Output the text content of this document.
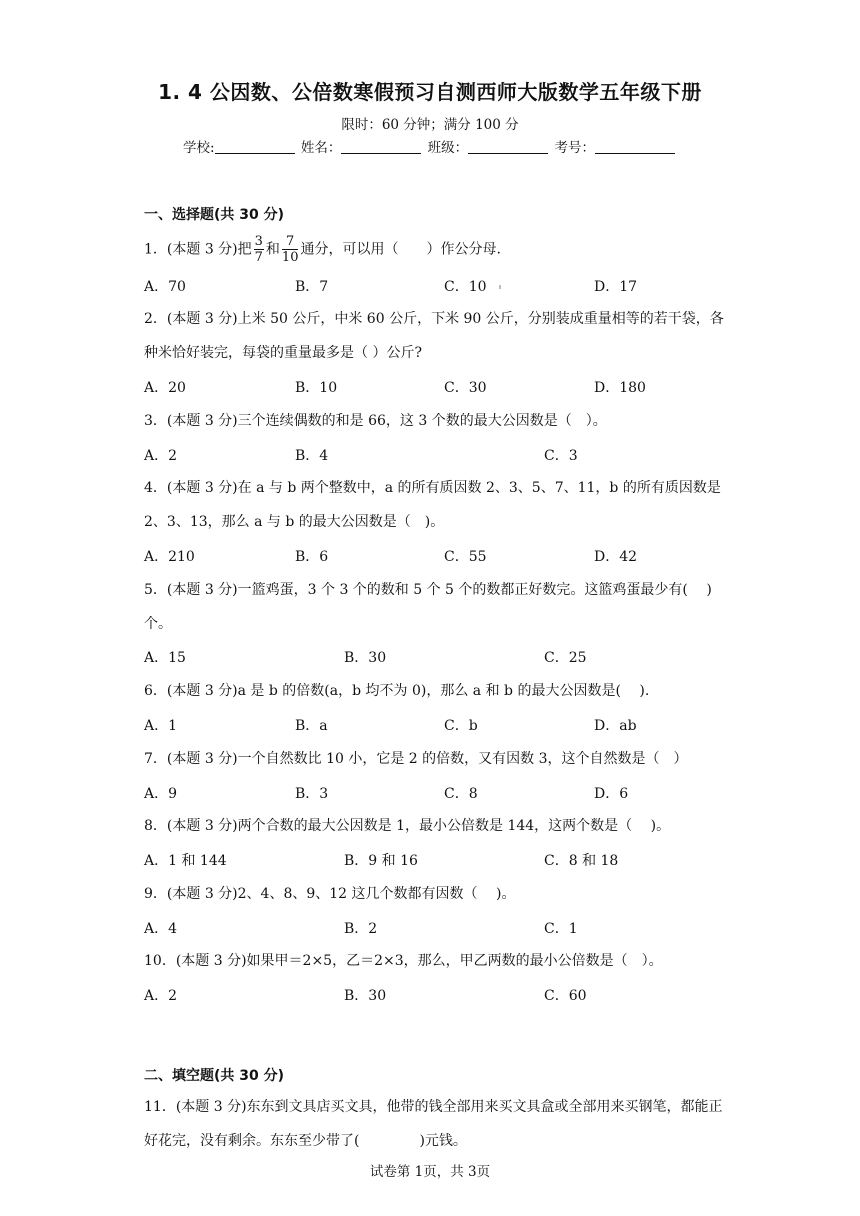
1. 4 公因数、公倍数寒假预习自测西师大版数学五年级下册
限时：60 分钟；满分 100 分
学校:	姓名：	班级：	考号：
一、选择题(共 30 分)
1．(本题 3 分)把 $\frac{3}{7}$ 和 $\frac{7}{10}$ 通分，可以用（　　）作公分母.
A．70	B．7	C．10	D．17
2．(本题 3 分)上米 50 公斤，中米 60 公斤，下米 90 公斤，分别装成重量相等的若干袋，各种米恰好装完，每袋的重量最多是（ ）公斤?
A．20	B．10	C．30	D．180
3．(本题 3 分)三个连续偶数的和是 66，这 3 个数的最大公因数是（　）。
A．2	B．4	C．3
4．(本题 3 分)在 a 与 b 两个整数中，a 的所有质因数 2、3、5、7、11，b 的所有质因数是 2、3、13，那么 a 与 b 的最大公因数是（　)。
A．210	B．6	C．55	D．42
5．(本题 3 分)一篮鸡蛋，3 个 3 个的数和 5 个 5 个的数都正好数完。这篮鸡蛋最少有(　 )个。
A．15	B．30	C．25
6．(本题 3 分)a 是 b 的倍数(a，b 均不为 0)，那么 a 和 b 的最大公因数是(　 ).
A．1	B．a	C．b	D．ab
7．(本题 3 分)一个自然数比 10 小，它是 2 的倍数，又有因数 3，这个自然数是（　）
A．9	B．3	C．8	D．6
8．(本题 3 分)两个合数的最大公因数是 1，最小公倍数是 144，这两个数是（　 )。
A．1 和 144	B．9 和 16	C．8 和 18
9．(本题 3 分)2、4、8、9、12 这几个数都有因数（　 )。
A．4	B．2	C．1
10．(本题 3 分)如果甲＝2×5，乙＝2×3，那么，甲乙两数的最小公倍数是（　）。
A．2	B．30	C．60
二、填空题(共 30 分)
11．(本题 3 分)东东到文具店买文具，他带的钱全部用来买文具盒或全部用来买钢笔，都能正好花完，没有剩余。东东至少带了(	)元钱。
试卷第 1页，共 3页
